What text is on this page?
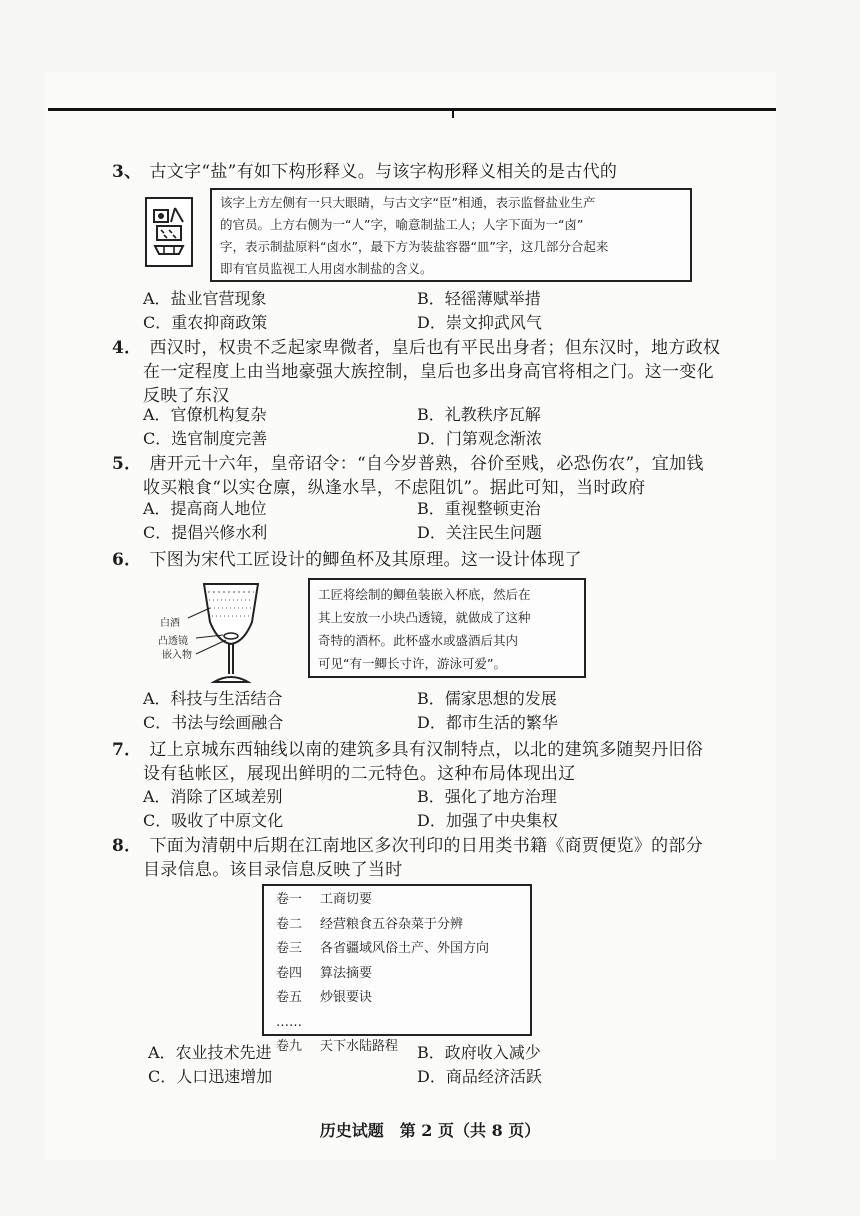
3、 古文字“盐”有如下构形释义。与该字构形释义相关的是古代的
该字上方左侧有一只大眼睛，与古文字“臣”相通，表示监督盐业生产
的官员。上方右侧为一“人”字，喻意制盐工人；人字下面为一“卤”
字，表示制盐原料“卤水”，最下方为装盐容器“皿”字，这几部分合起来
即有官员监视工人用卤水制盐的含义。
A．盐业官营现象	B．轻徭薄赋举措
C．重农抑商政策	D．崇文抑武风气
4． 西汉时，权贵不乏起家卑微者，皇后也有平民出身者；但东汉时，地方政权
在一定程度上由当地豪强大族控制，皇后也多出身高官将相之门。这一变化
反映了东汉
A．官僚机构复杂	B．礼教秩序瓦解
C．选官制度完善	D．门第观念渐浓
5． 唐开元十六年，皇帝诏令：“自今岁普熟，谷价至贱，必恐伤农”，宜加钱
收买粮食“以实仓廪，纵逢水旱，不虑阻饥”。据此可知，当时政府
A．提高商人地位	B．重视整顿吏治
C．提倡兴修水利	D．关注民生问题
6． 下图为宋代工匠设计的鲫鱼杯及其原理。这一设计体现了
白酒
凸透镜
嵌入物
工匠将绘制的鲫鱼装嵌入杯底，然后在
其上安放一小块凸透镜，就做成了这种
奇特的酒杯。此杯盛水或盛酒后其内
可见“有一鲫长寸许，游泳可爱”。
A．科技与生活结合	B．儒家思想的发展
C．书法与绘画融合	D．都市生活的繁华
7． 辽上京城东西轴线以南的建筑多具有汉制特点，以北的建筑多随契丹旧俗
设有毡帐区，展现出鲜明的二元特色。这种布局体现出辽
A．消除了区域差别	B．强化了地方治理
C．吸收了中原文化	D．加强了中央集权
8． 下面为清朝中后期在江南地区多次刊印的日用类书籍《商贾便览》的部分
目录信息。该目录信息反映了当时
卷一 工商切要
卷二 经营粮食五谷杂菜于分辨
卷三 各省疆域风俗土产、外国方向
卷四 算法摘要
卷五 炒银要诀
……
卷九 天下水陆路程
A．农业技术先进	B．政府收入减少
C．人口迅速增加	D．商品经济活跃
历史试题　第 2 页（共 8 页）
